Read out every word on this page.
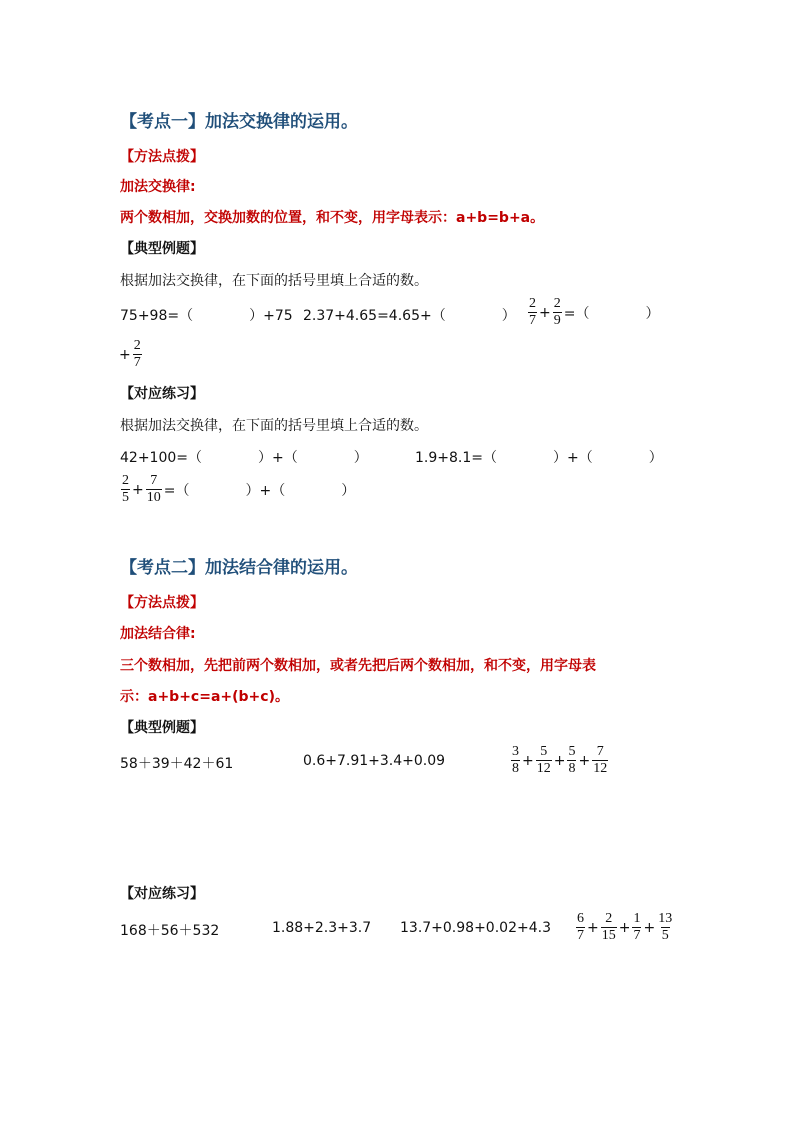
【考点一】加法交换律的运用。
【方法点拨】
加法交换律:
两个数相加，交换加数的位置，和不变，用字母表示：a+b=b+a。
【典型例题】
根据加法交换律，在下面的括号里填上合适的数。
75+98=（　　　　）+75 2.37+4.65=4.65+（　　　　） $\frac{2}{7} + \frac{2}{9}$ =（　　　　）
+ $\frac{2}{7}$
【对应练习】
根据加法交换律，在下面的括号里填上合适的数。
42+100=（　　　　）+（　　　　）	1.9+8.1=（　　　　）+（　　　　）
$\frac{2}{5} + \frac{7}{10}$ =（　　　　）+（　　　　）
【考点二】加法结合律的运用。
【方法点拨】
加法结合律:
三个数相加，先把前两个数相加，或者先把后两个数相加，和不变，用字母表
示：a+b+c=a+(b+c)。
【典型例题】
58＋39＋42＋61	0.6+7.91+3.4+0.09	$\frac{3}{8} + \frac{5}{12} + \frac{5}{8} + \frac{7}{12}$
【对应练习】
168＋56＋532	1.88+2.3+3.7 $13.7+0.98+0.02+4.3 \frac{6}{7} + \frac{2}{15} + \frac{1}{7} + \frac{13}{5}$
